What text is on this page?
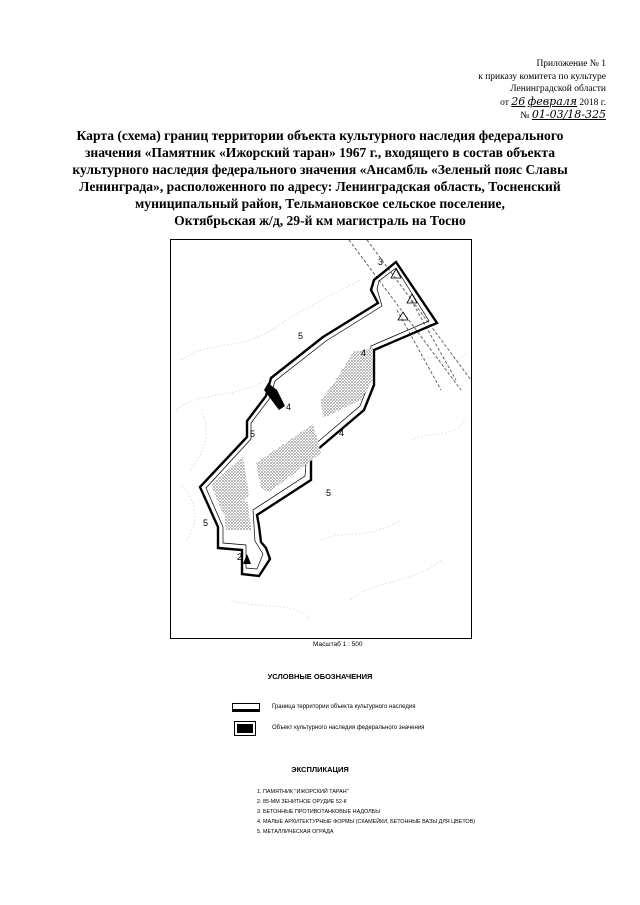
Приложение № 1
к приказу комитета по культуре
Ленинградской области
от 26 февраля 2018 г.
№ 01-03/18-325
Карта (схема) границ территории объекта культурного наследия федерального
значения «Памятник «Ижорский таран» 1967 г., входящего в состав объекта
культурного наследия федерального значения «Ансамбль «Зеленый пояс Славы
Ленинграда», расположенного по адресу: Ленинградская область, Тосненский
муниципальный район, Тельмановское сельское поселение,
Октябрьская ж/д, 29-й км магистраль на Тосно
2
3
4
4
4
5
5
5
5
Масштаб 1 : 500
УСЛОВНЫЕ ОБОЗНАЧЕНИЯ
Граница территории объекта культурного наследия
Объект культурного наследия федерального значения
ЭКСПЛИКАЦИЯ
1. ПАМЯТНИК "ИЖОРСКИЙ ТАРАН"
2. 85-ММ ЗЕНИТНОЕ ОРУДИЕ 52-К
3. БЕТОННЫЕ ПРОТИВОТАНКОВЫЕ НАДОЛБЫ
4. МАЛЫЕ АРХИТЕКТУРНЫЕ ФОРМЫ (СКАМЕЙКИ, БЕТОННЫЕ ВАЗЫ ДЛЯ ЦВЕТОВ)
5. МЕТАЛЛИЧЕСКАЯ ОГРАДА
